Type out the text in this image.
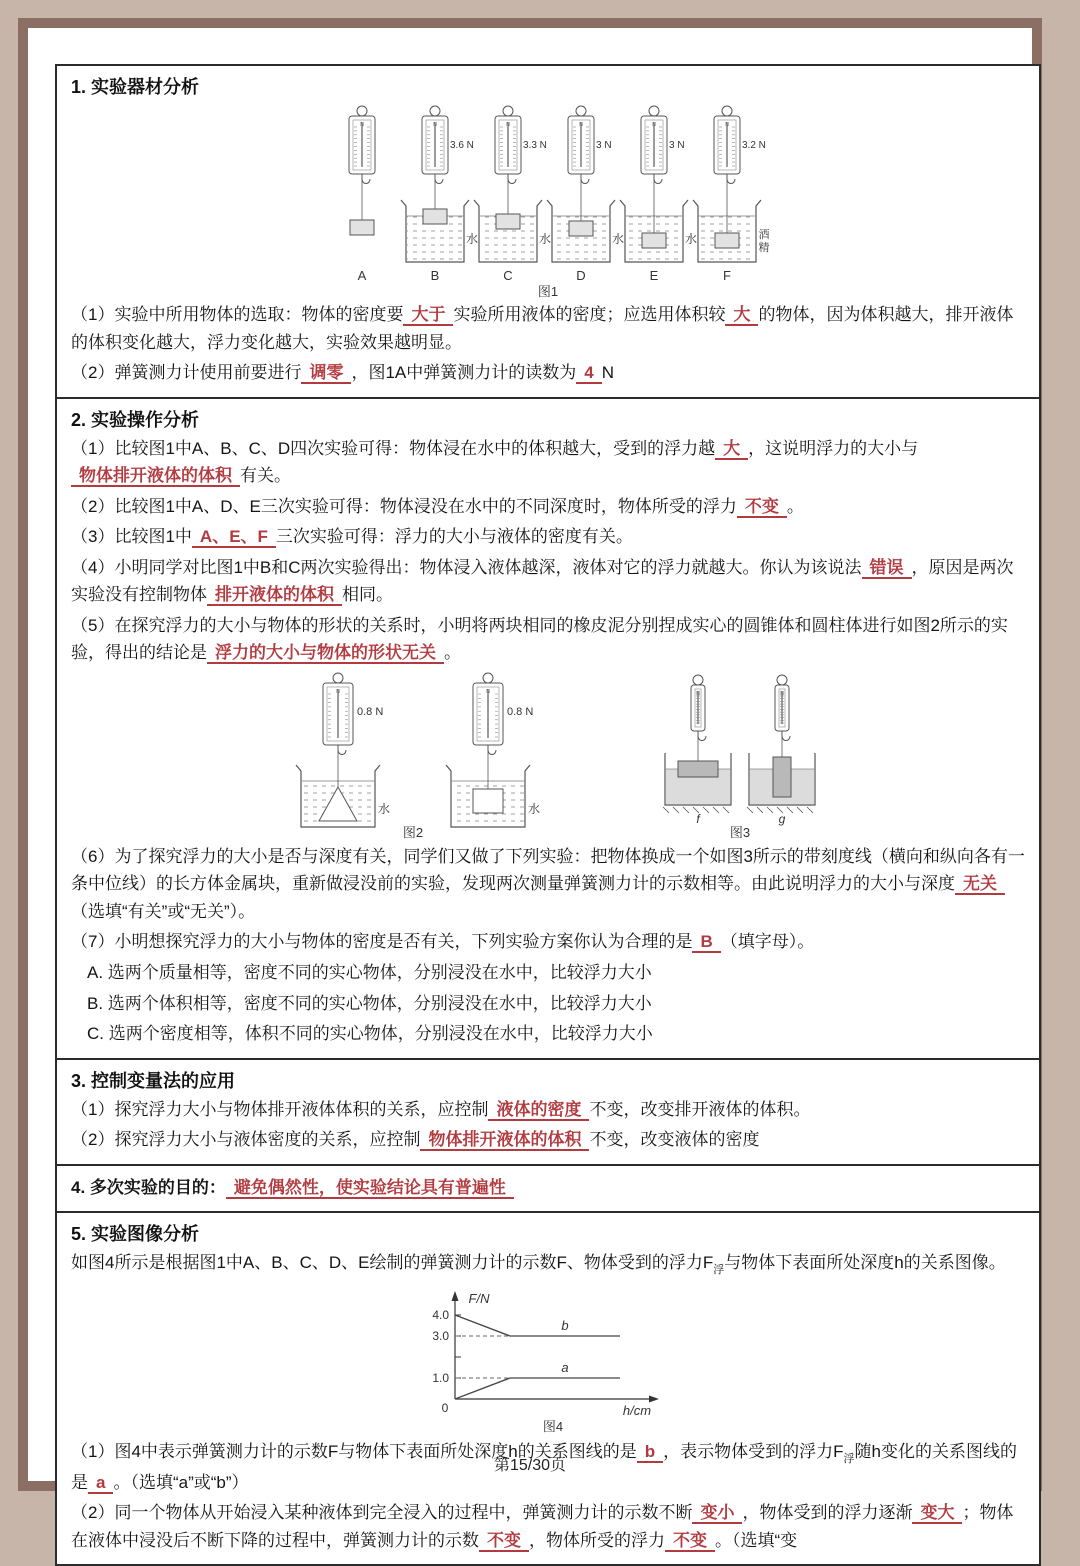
1. 实验器材分析
N
A
N
3.6 N
水
B
N
3.3 N
水
C
N
3 N
水
D
N
3 N
水
E
N
3.2 N
酒
精
F
图1

（1）实验中所用物体的选取：物体的密度要 大于 实验所用液体的密度；应选用体积较 大 的物体，因为体积越大，排开液体的体积变化越大，浮力变化越大，实验效果越明显。

（2）弹簧测力计使用前要进行 调零 ，图1A中弹簧测力计的读数为 4 N

2. 实验操作分析

（1）比较图1中A、B、C、D四次实验可得：物体浸在水中的体积越大，受到的浮力越 大 ，这说明浮力的大小与物体排开液体的体积 有关。

（2）比较图1中A、D、E三次实验可得：物体浸没在水中的不同深度时，物体所受的浮力 不变 。

（3）比较图1中 A、E、F 三次实验可得：浮力的大小与液体的密度有关。

（4）小明同学对比图1中B和C两次实验得出：物体浸入液体越深，液体对它的浮力就越大。你认为该说法 错误 ，原因是两次实验没有控制物体 排开液体的体积 相同。

（5）在探究浮力的大小与物体的形状的关系时，小明将两块相同的橡皮泥分别捏成实心的圆锥体和圆柱体进行如图2所示的实验，得出的结论是 浮力的大小与物体的形状无关 。

N
0.8 N
水
N
0.8 N
水
图2
N
f
N
g
图3

（6）为了探究浮力的大小是否与深度有关，同学们又做了下列实验：把物体换成一个如图3所示的带刻度线（横向和纵向各有一条中位线）的长方体金属块，重新做浸没前的实验，发现两次测量弹簧测力计的示数相等。由此说明浮力的大小与深度 无关（选填“有关”或“无关”）。

（7）小明想探究浮力的大小与物体的密度是否有关，下列实验方案你认为合理的是 B （填字母）。

A. 选两个质量相等，密度不同的实心物体，分别浸没在水中，比较浮力大小

B. 选两个体积相等，密度不同的实心物体，分别浸没在水中，比较浮力大小

C. 选两个密度相等，体积不同的实心物体，分别浸没在水中，比较浮力大小

3. 控制变量法的应用

（1）探究浮力大小与物体排开液体体积的关系，应控制 液体的密度 不变，改变排开液体的体积。

（2）探究浮力大小与液体密度的关系，应控制 物体排开液体的体积 不变，改变液体的密度

4. 多次实验的目的： 避免偶然性，使实验结论具有普遍性

5. 实验图像分析

如图4所示是根据图1中A、B、C、D、E绘制的弹簧测力计的示数F、物体受到的浮力$F_浮$与物体下表面所处深度h的关系图像。

F/N
h/cm
0
1.0
3.0
4.0
b
a
图4

（1）图4中表示弹簧测力计的示数F与物体下表面所处深度h的关系图线的是 b ，表示物体受到的浮力$F_浮$随h变化的关系图线的是 a 。（选填“a”或“b”）

（2）同一个物体从开始浸入某种液体到完全浸入的过程中，弹簧测力计的示数不断 变小 ，物体受到的浮力逐渐 变大 ；物体在液体中浸没后不断下降的过程中，弹簧测力计的示数 不变 ，物体所受的浮力 不变 。（选填“变

第15/30页
